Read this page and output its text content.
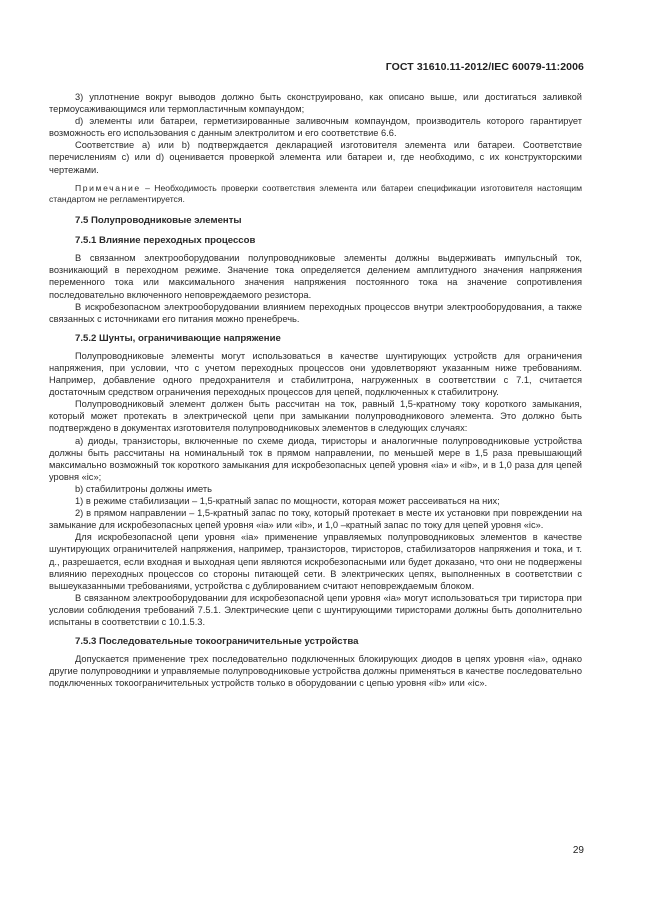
ГОСТ 31610.11-2012/IEC 60079-11:2006

3) уплотнение вокруг выводов должно быть сконструировано, как описано выше, или достигаться заливкой термоусаживающимся или термопластичным компаундом;

d) элементы или батареи, герметизированные заливочным компаундом, производитель которого гарантирует возможность его использования с данным электролитом и его соответствие 6.6.

Соответствие a) или b) подтверждается декларацией изготовителя элемента или батареи. Соответствие перечислениям c) или d) оценивается проверкой элемента или батареи и, где необходимо, с их конструкторскими чертежами.

Примечание – Необходимость проверки соответствия элемента или батареи спецификации изготовителя настоящим стандартом не регламентируется.

7.5 Полупроводниковые элементы
7.5.1 Влияние переходных процессов

В связанном электрооборудовании полупроводниковые элементы должны выдерживать импульсный ток, возникающий в переходном режиме. Значение тока определяется делением амплитудного значения напряжения переменного тока или максимального значения напряжения постоянного тока на значение сопротивления последовательно включенного неповреждаемого резистора.

В искробезопасном электрооборудовании влиянием переходных процессов внутри электрооборудования, а также связанных с источниками его питания можно пренебречь.

7.5.2 Шунты, ограничивающие напряжение

Полупроводниковые элементы могут использоваться в качестве шунтирующих устройств для ограничения напряжения, при условии, что с учетом переходных процессов они удовлетворяют указанным ниже требованиям. Например, добавление одного предохранителя и стабилитрона, нагруженных в соответствии с 7.1, считается достаточным средством ограничения переходных процессов для цепей, подключенных к стабилитрону.

Полупроводниковый элемент должен быть рассчитан на ток, равный 1,5-кратному току короткого замыкания, который может протекать в электрической цепи при замыкании полупроводникового элемента. Это должно быть подтверждено в документах изготовителя полупроводниковых элементов в следующих случаях:

a) диоды, транзисторы, включенные по схеме диода, тиристоры и аналогичные полупроводниковые устройства должны быть рассчитаны на номинальный ток в прямом направлении, по меньшей мере в 1,5 раза превышающий максимально возможный ток короткого замыкания для искробезопасных цепей уровня «ia» и «ib», и в 1,0 раза для цепей уровня «ic»;

b) стабилитроны должны иметь

1) в режиме стабилизации – 1,5-кратный запас по мощности, которая может рассеиваться на них;

2) в прямом направлении – 1,5-кратный запас по току, который протекает в месте их установки при повреждении на замыкание для искробезопасных цепей уровня «ia» или «ib», и 1,0 –кратный запас по току для цепей уровня «ic».

Для искробезопасной цепи уровня «ia» применение управляемых полупроводниковых элементов в качестве шунтирующих ограничителей напряжения, например, транзисторов, тиристоров, стабилизаторов напряжения и тока, и т. д., разрешается, если входная и выходная цепи являются искробезопасными или будет доказано, что они не подвержены влиянию переходных процессов со стороны питающей сети. В электрических цепях, выполненных в соответствии с вышеуказанными требованиями, устройства с дублированием считают неповреждаемым блоком.

В связанном электрооборудовании для искробезопасной цепи уровня «ia» могут использоваться три тиристора при условии соблюдения требований 7.5.1. Электрические цепи с шунтирующими тиристорами должны быть дополнительно испытаны в соответствии с 10.1.5.3.

7.5.3 Последовательные токоограничительные устройства

Допускается применение трех последовательно подключенных блокирующих диодов в цепях уровня «ia», однако другие полупроводники и управляемые полупроводниковые устройства должны применяться в качестве последовательно подключенных токоограничительных устройств только в оборудовании с цепью уровня «ib» или «ic».

29
